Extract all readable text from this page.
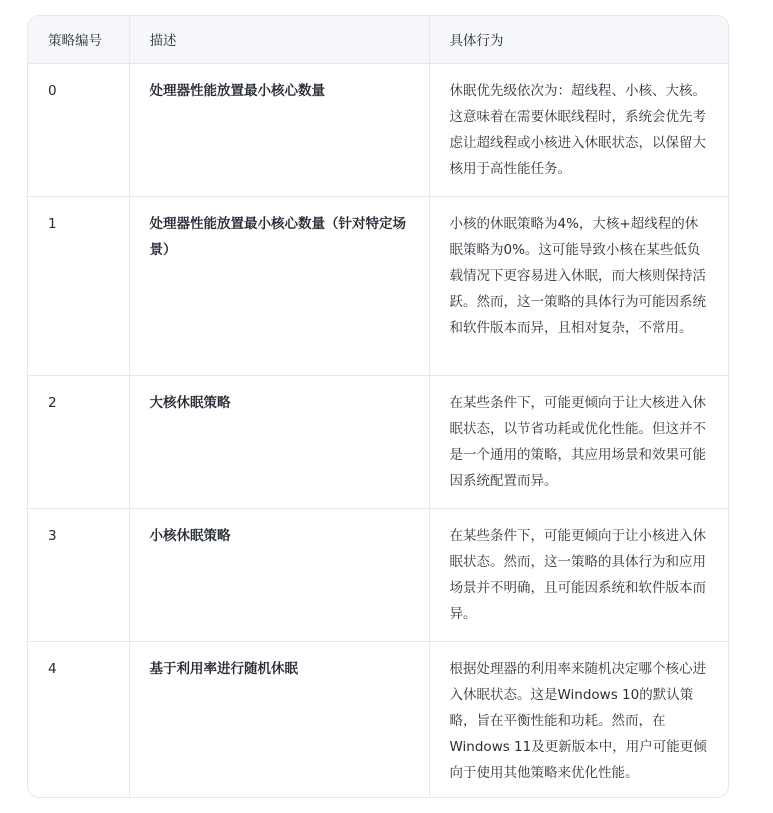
策略编号	描述	具体行为
0	处理器性能放置最小核心数量	休眠优先级依次为：超线程、小核、大核。这意味着在需要休眠线程时，系统会优先考虑让超线程或小核进入休眠状态，以保留大核用于高性能任务。
1	处理器性能放置最小核心数量（针对特定场景）	小核的休眠策略为4%，大核+超线程的休眠策略为0%。这可能导致小核在某些低负载情况下更容易进入休眠，而大核则保持活跃。然而，这一策略的具体行为可能因系统和软件版本而异，且相对复杂，不常用。
2	大核休眠策略	在某些条件下，可能更倾向于让大核进入休眠状态，以节省功耗或优化性能。但这并不是一个通用的策略，其应用场景和效果可能因系统配置而异。
3	小核休眠策略	在某些条件下，可能更倾向于让小核进入休眠状态。然而，这一策略的具体行为和应用场景并不明确，且可能因系统和软件版本而异。
4	基于利用率进行随机休眠	根据处理器的利用率来随机决定哪个核心进入休眠状态。这是Windows 10的默认策略，旨在平衡性能和功耗。然而，在Windows 11及更新版本中，用户可能更倾向于使用其他策略来优化性能。
